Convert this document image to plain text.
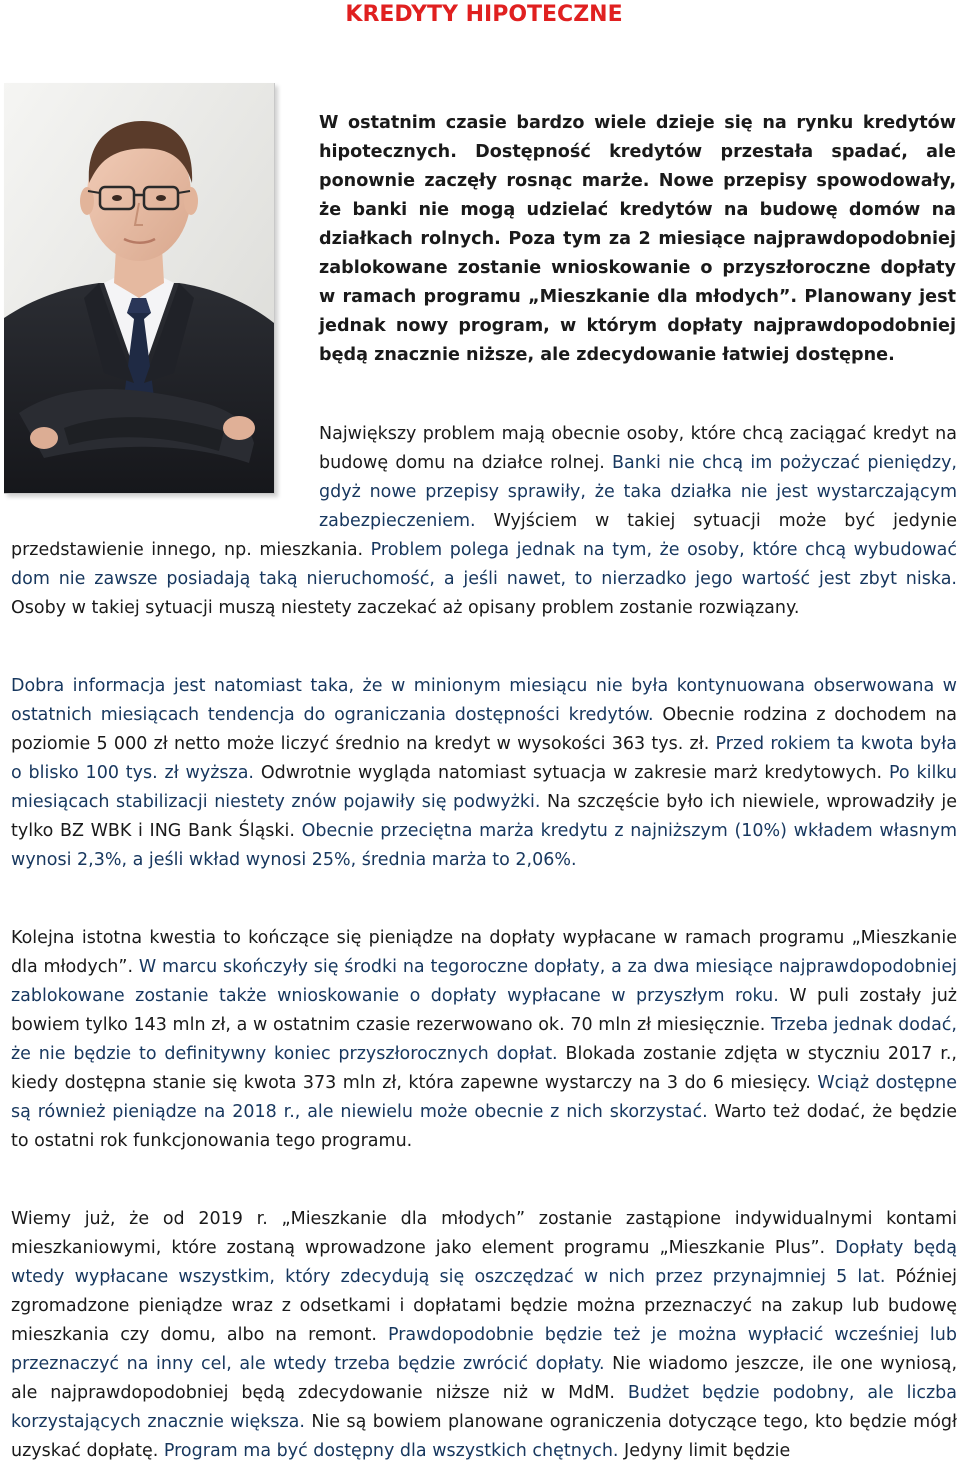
KREDYTY HIPOTECZNE

W ostatnim czasie bardzo wiele dzieje się na rynku kredytów hipotecznych. Dostępność kredytów przestała spadać, ale ponownie zaczęły rosnąc marże. Nowe przepisy spowodowały, że banki nie mogą udzielać kredytów na budowę domów na działkach rolnych. Poza tym za 2 miesiące najprawdopodobniej zablokowane zostanie wnioskowanie o przyszłoroczne dopłaty w ramach programu „Mieszkanie dla młodych”. Planowany jest jednak nowy program, w którym dopłaty najprawdopodobniej będą znacznie niższe, ale zdecydowanie łatwiej dostępne.

Największy problem mają obecnie osoby, które chcą zaciągać kredyt na budowę domu na działce rolnej. Banki nie chcą im pożyczać pieniędzy, gdyż nowe przepisy sprawiły, że taka działka nie jest wystarczającym zabezpieczeniem. Wyjściem w takiej sytuacji może być jedynie przedstawienie innego, np. mieszkania. Problem polega jednak na tym, że osoby, które chcą wybudować dom nie zawsze posiadają taką nieruchomość, a jeśli nawet, to nierzadko jego wartość jest zbyt niska. Osoby w takiej sytuacji muszą niestety zaczekać aż opisany problem zostanie rozwiązany.

Dobra informacja jest natomiast taka, że w minionym miesiącu nie była kontynuowana obserwowana w ostatnich miesiącach tendencja do ograniczania dostępności kredytów. Obecnie rodzina z dochodem na poziomie 5 000 zł netto może liczyć średnio na kredyt w wysokości 363 tys. zł. Przed rokiem ta kwota była o blisko 100 tys. zł wyższa. Odwrotnie wygląda natomiast sytuacja w zakresie marż kredytowych. Po kilku miesiącach stabilizacji niestety znów pojawiły się podwyżki. Na szczęście było ich niewiele, wprowadziły je tylko BZ WBK i ING Bank Śląski. Obecnie przeciętna marża kredytu z najniższym (10%) wkładem własnym wynosi 2,3%, a jeśli wkład wynosi 25%, średnia marża to 2,06%.

Kolejna istotna kwestia to kończące się pieniądze na dopłaty wypłacane w ramach programu „Mieszkanie dla młodych”. W marcu skończyły się środki na tegoroczne dopłaty, a za dwa miesiące najprawdopodobniej zablokowane zostanie także wnioskowanie o dopłaty wypłacane w przyszłym roku. W puli zostały już bowiem tylko 143 mln zł, a w ostatnim czasie rezerwowano ok. 70 mln zł miesięcznie. Trzeba jednak dodać, że nie będzie to definitywny koniec przyszłorocznych dopłat. Blokada zostanie zdjęta w styczniu 2017 r., kiedy dostępna stanie się kwota 373 mln zł, która zapewne wystarczy na 3 do 6 miesięcy. Wciąż dostępne są również pieniądze na 2018 r., ale niewielu może obecnie z nich skorzystać. Warto też dodać, że będzie to ostatni rok funkcjonowania tego programu.

Wiemy już, że od 2019 r. „Mieszkanie dla młodych” zostanie zastąpione indywidualnymi kontami mieszkaniowymi, które zostaną wprowadzone jako element programu „Mieszkanie Plus”. Dopłaty będą wtedy wypłacane wszystkim, który zdecydują się oszczędzać w nich przez przynajmniej 5 lat. Później zgromadzone pieniądze wraz z odsetkami i dopłatami będzie można przeznaczyć na zakup lub budowę mieszkania czy domu, albo na remont. Prawdopodobnie będzie też je można wypłacić wcześniej lub przeznaczyć na inny cel, ale wtedy trzeba będzie zwrócić dopłaty. Nie wiadomo jeszcze, ile one wyniosą, ale najprawdopodobniej będą zdecydowanie niższe niż w MdM. Budżet będzie podobny, ale liczba korzystających znacznie większa. Nie są bowiem planowane ograniczenia dotyczące tego, kto będzie mógł uzyskać dopłatę. Program ma być dostępny dla wszystkich chętnych. Jedyny limit będzie
